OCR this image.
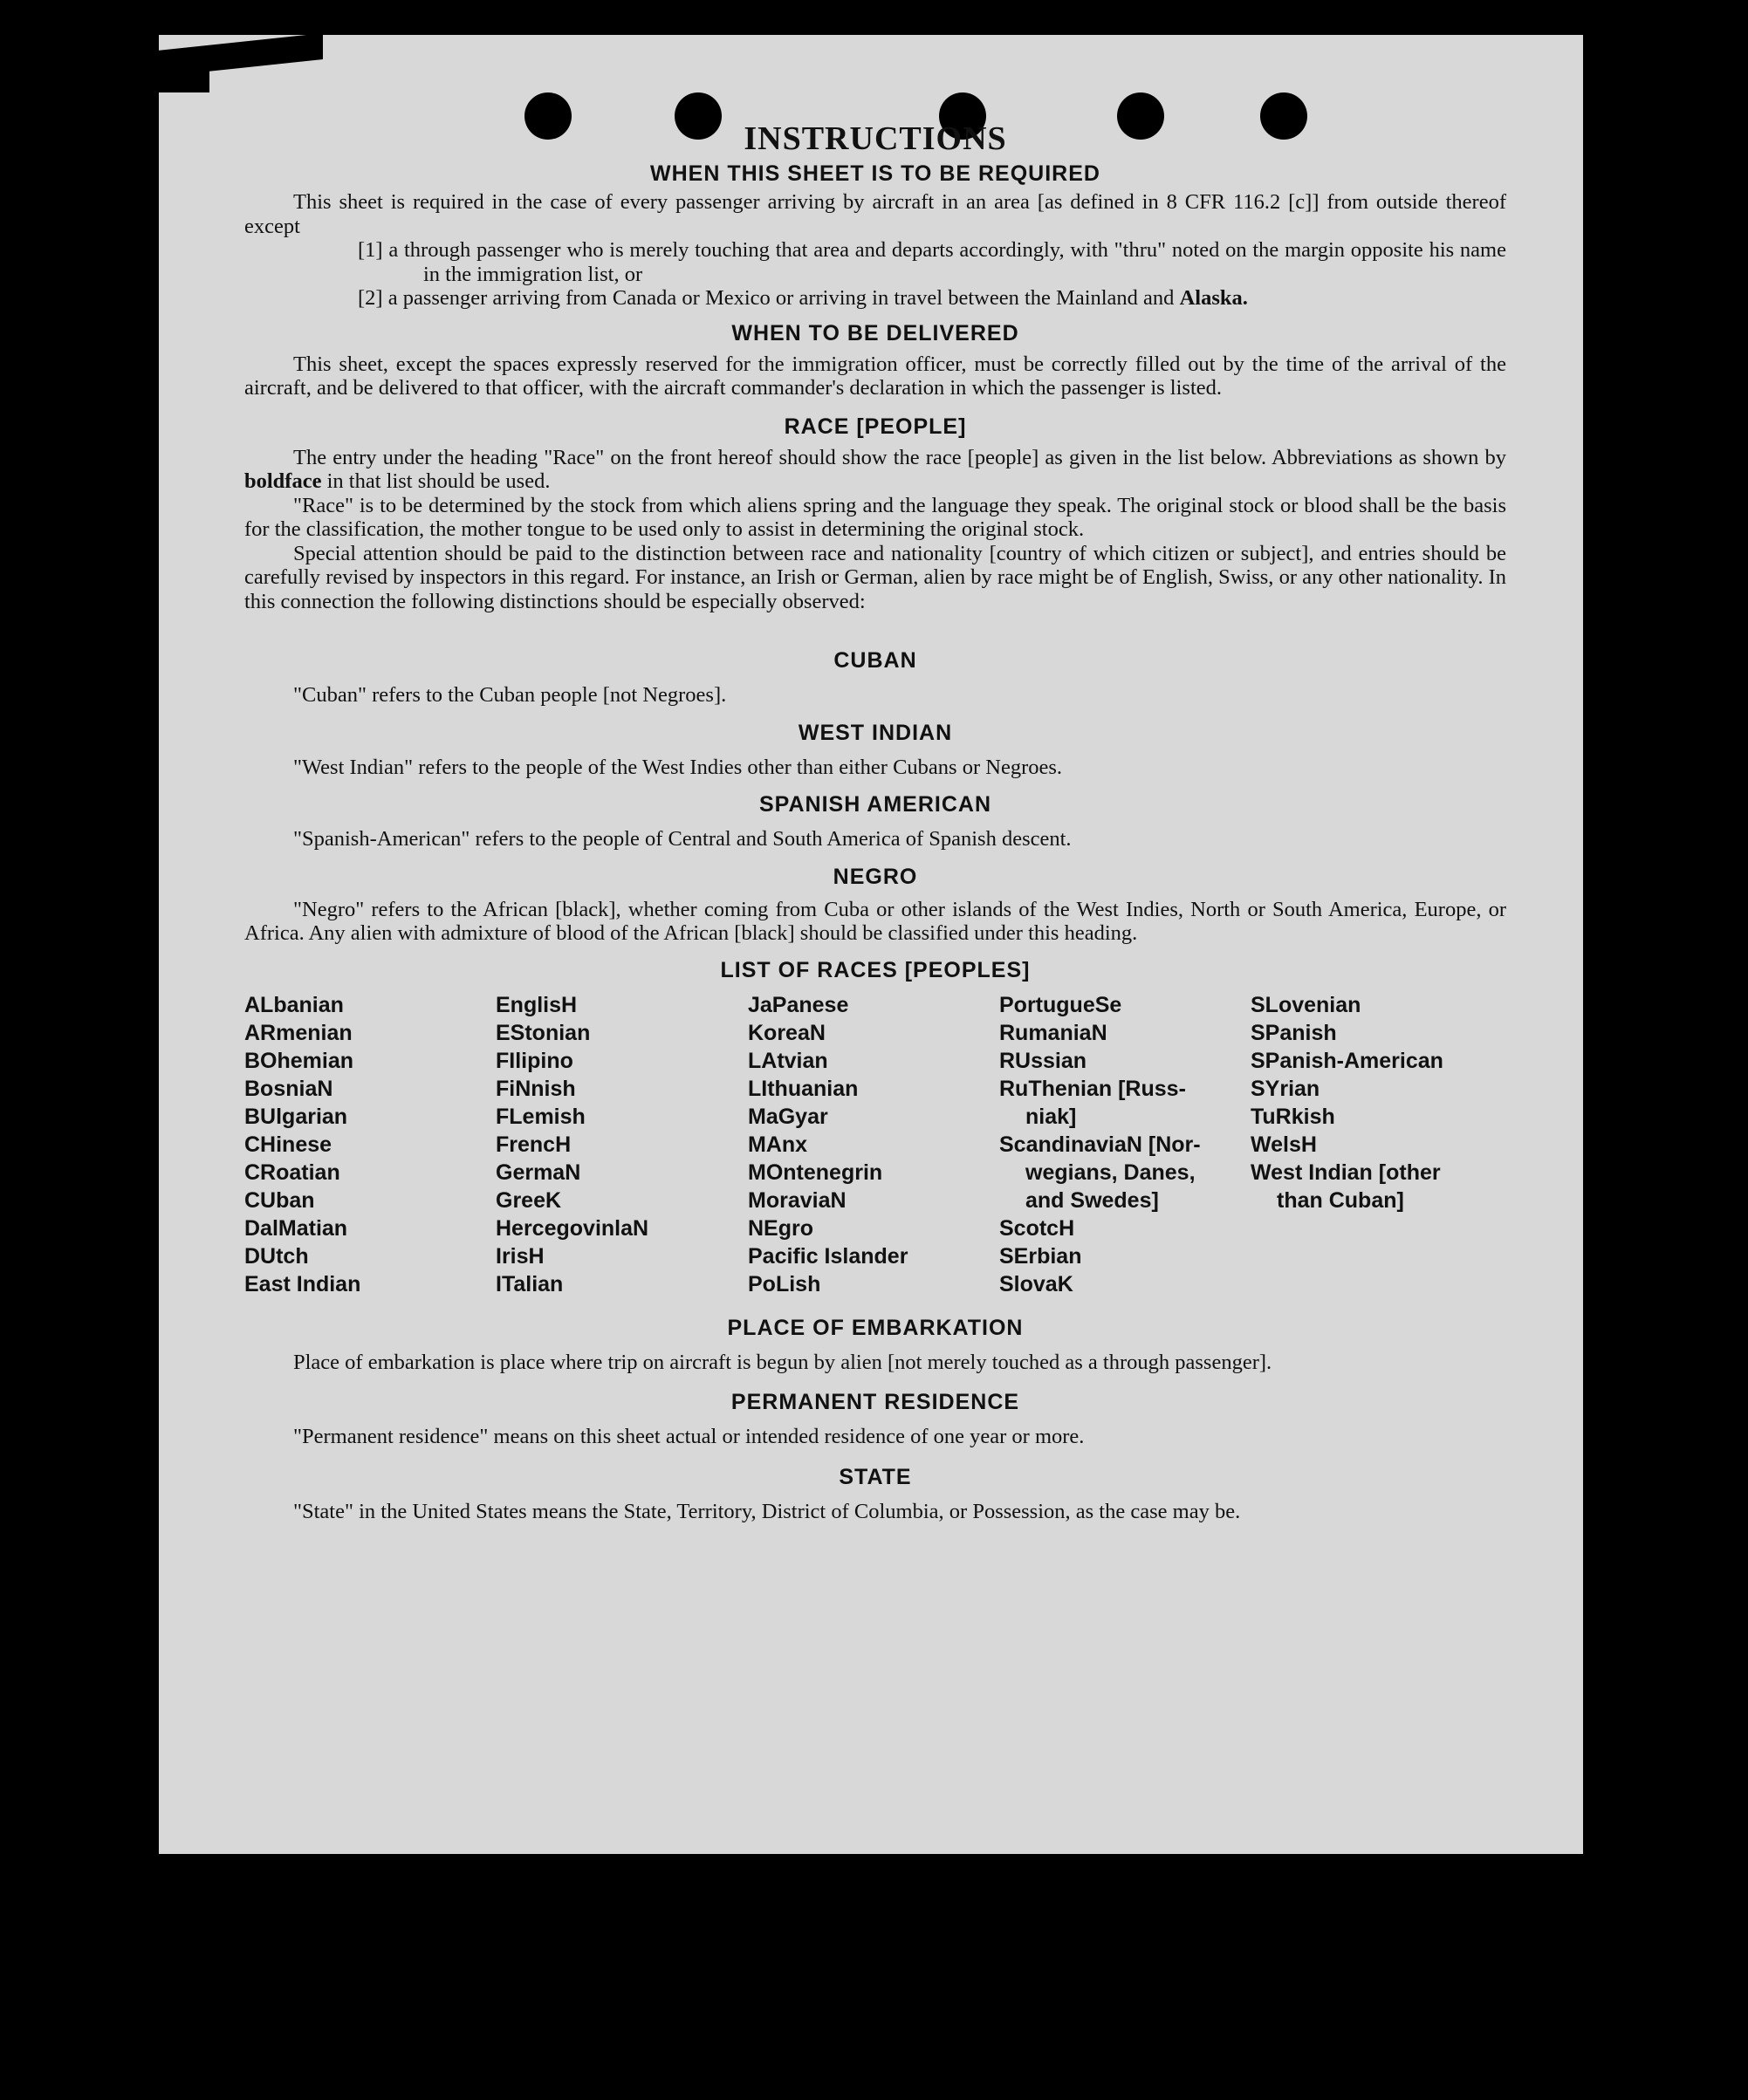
INSTRUCTIONS
WHEN THIS SHEET IS TO BE REQUIRED

This sheet is required in the case of every passenger arriving by aircraft in an area [as defined in 8 CFR 116.2 [c]] from outside thereof except

[1] a through passenger who is merely touching that area and departs accordingly, with "thru" noted on the margin opposite his name in the immigration list, or

[2] a passenger arriving from Canada or Mexico or arriving in travel between the Mainland and Alaska.

WHEN TO BE DELIVERED

This sheet, except the spaces expressly reserved for the immigration officer, must be correctly filled out by the time of the arrival of the aircraft, and be delivered to that officer, with the aircraft commander's declaration in which the passenger is listed.

RACE [PEOPLE]

The entry under the heading "Race" on the front hereof should show the race [people] as given in the list below. Abbreviations as shown by boldface in that list should be used.

"Race" is to be determined by the stock from which aliens spring and the language they speak. The original stock or blood shall be the basis for the classification, the mother tongue to be used only to assist in determining the original stock.

Special attention should be paid to the distinction between race and nationality [country of which citizen or subject], and entries should be carefully revised by inspectors in this regard. For instance, an Irish or German, alien by race might be of English, Swiss, or any other nationality. In this connection the following distinctions should be especially observed:

CUBAN

"Cuban" refers to the Cuban people [not Negroes].

WEST INDIAN

"West Indian" refers to the people of the West Indies other than either Cubans or Negroes.

SPANISH AMERICAN

"Spanish-American" refers to the people of Central and South America of Spanish descent.

NEGRO

"Negro" refers to the African [black], whether coming from Cuba or other islands of the West Indies, North or South America, Europe, or Africa. Any alien with admixture of blood of the African [black] should be classified under this heading.

LIST OF RACES [PEOPLES]
ALbanian
ARmenian
BOhemian
BosniaN
BUlgarian
CHinese
CRoatian
CUban
DalMatian
DUtch
East Indian
EnglisH
EStonian
FIlipino
FiNnish
FLemish
FrencH
GermaN
GreeK
HercegovinlaN
IrisH
ITalian
JaPanese
KoreaN
LAtvian
LIthuanian
MaGyar
MAnx
MOntenegrin
MoraviaN
NEgro
Pacific Islander
PoLish
PortugueSe
RumaniaN
RUssian
RuThenian [Russ-
niak]
ScandinaviaN [Nor-
wegians, Danes,
and Swedes]
ScotcH
SErbian
SlovaK
SLovenian
SPanish
SPanish-American
SYrian
TuRkish
WelsH
West Indian [other
than Cuban]
PLACE OF EMBARKATION

Place of embarkation is place where trip on aircraft is begun by alien [not merely touched as a through passenger].

PERMANENT RESIDENCE

"Permanent residence" means on this sheet actual or intended residence of one year or more.

STATE

"State" in the United States means the State, Territory, District of Columbia, or Possession, as the case may be.
